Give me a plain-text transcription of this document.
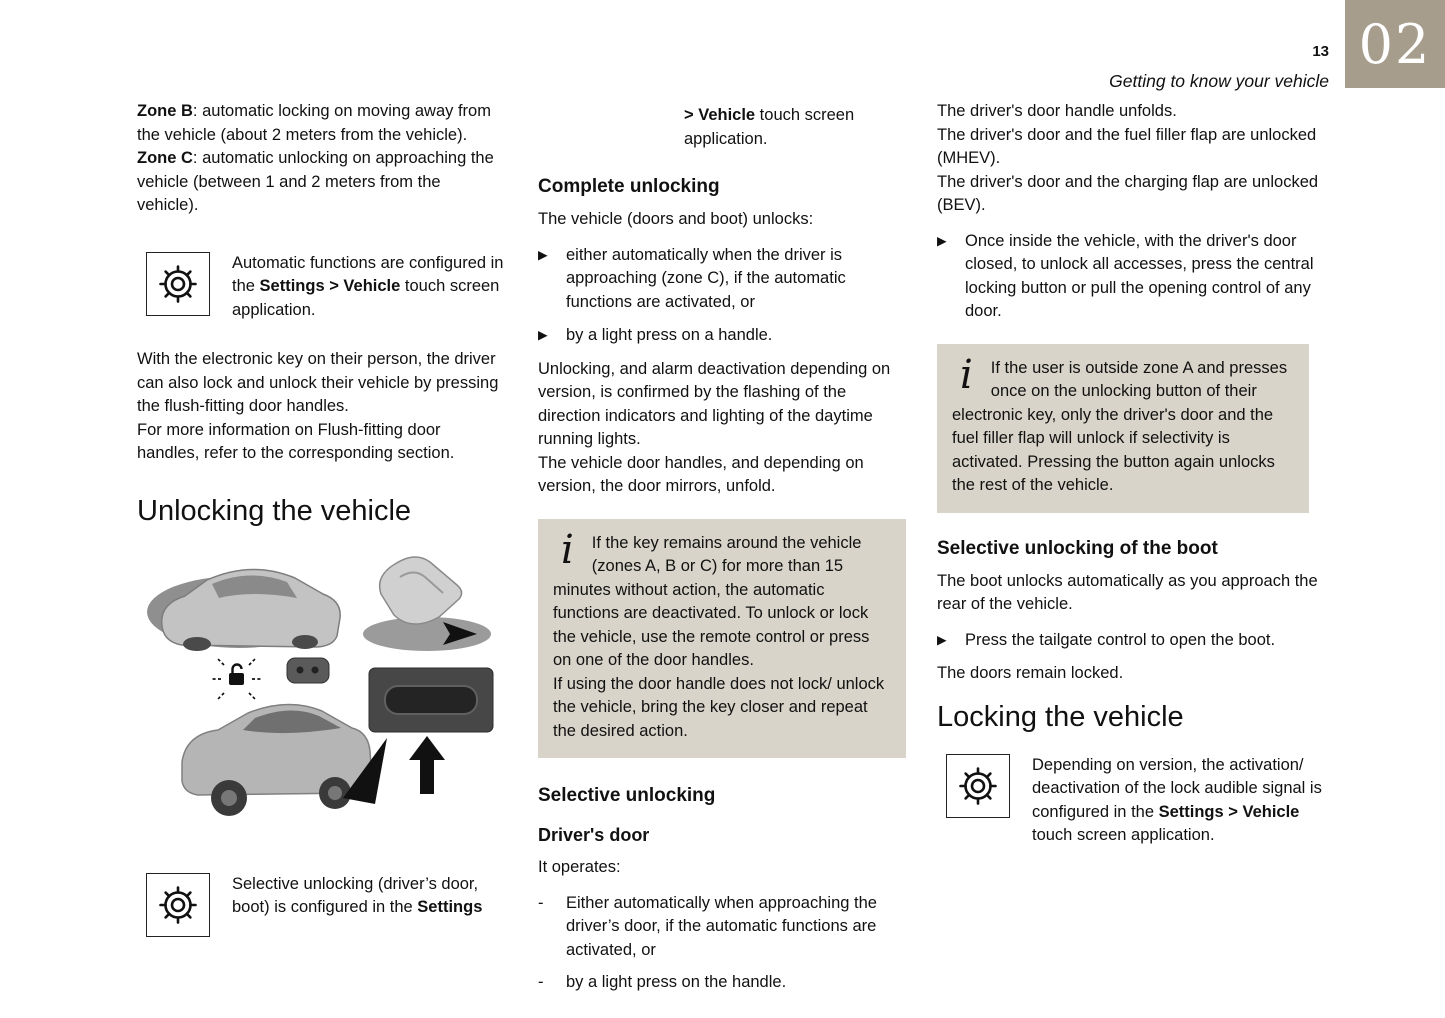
02

13

Getting to know your vehicle

Zone B: automatic locking on moving away from the vehicle (about 2 meters from the vehicle).

Zone C: automatic unlocking on approaching the vehicle (between 1 and 2 meters from the vehicle).

Automatic functions are configured in the Settings > Vehicle touch screen application.

With the electronic key on their person, the driver can also lock and unlock their vehicle by pressing the flush-fitting door handles.

For more information on Flush-fitting door handles, refer to the corresponding section.

Unlocking the vehicle

Selective unlocking (driver’s door, boot) is configured in the Settings

> Vehicle touch screen application.

Complete unlocking

The vehicle (doors and boot) unlocks:

▶	either automatically when the driver is approaching (zone C), if the automatic functions are activated, or

▶	by a light press on a handle.

Unlocking, and alarm deactivation depending on version, is confirmed by the flashing of the direction indicators and lighting of the daytime running lights.

The vehicle door handles, and depending on version, the door mirrors, unfold.

i	If the key remains around the vehicle (zones A, B or C) for more than 15 minutes without action, the automatic functions are deactivated. To unlock or lock the vehicle, use the remote control or press on one of the door handles.

If using the door handle does not lock/ unlock the vehicle, bring the key closer and repeat the desired action.

Selective unlocking
Driver's door

It operates:

-	Either automatically when approaching the driver’s door, if the automatic functions are activated, or

-	by a light press on the handle.

The driver's door handle unfolds.

The driver's door and the fuel filler flap are unlocked (MHEV).

The driver's door and the charging flap are unlocked (BEV).

▶	Once inside the vehicle, with the driver's door closed, to unlock all accesses, press the central locking button or pull the opening control of any door.

i	If the user is outside zone A and presses once on the unlocking button of their electronic key, only the driver's door and the fuel filler flap will unlock if selectivity is activated. Pressing the button again unlocks the rest of the vehicle.

Selective unlocking of the boot

The boot unlocks automatically as you approach the rear of the vehicle.

▶	Press the tailgate control to open the boot.

The doors remain locked.

Locking the vehicle

Depending on version, the activation/ deactivation of the lock audible signal is configured in the Settings > Vehicle touch screen application.
